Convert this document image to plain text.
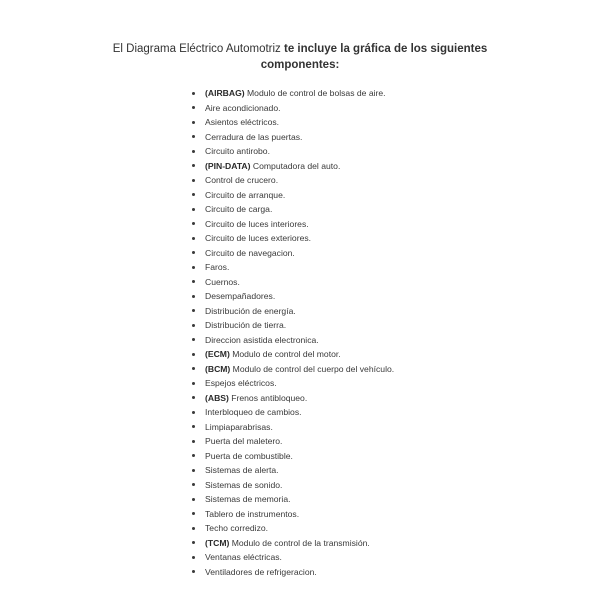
El Diagrama Eléctrico Automotriz te incluye la gráfica de los siguientes componentes:
(AIRBAG) Modulo de control de bolsas de aire.
Aire acondicionado.
Asientos eléctricos.
Cerradura de las puertas.
Circuito antirobo.
(PIN-DATA) Computadora del auto.
Control de crucero.
Circuito de arranque.
Circuito de carga.
Circuito de luces interiores.
Circuito de luces exteriores.
Circuito de navegacion.
Faros.
Cuernos.
Desempañadores.
Distribución de energía.
Distribución de tierra.
Direccion asistida electronica.
(ECM) Modulo de control del motor.
(BCM) Modulo de control del cuerpo del vehículo.
Espejos eléctricos.
(ABS) Frenos antibloqueo.
Interbloqueo de cambios.
Limpiaparabrisas.
Puerta del maletero.
Puerta de combustible.
Sistemas de alerta.
Sistemas de sonido.
Sistemas de memoria.
Tablero de instrumentos.
Techo corredizo.
(TCM) Modulo de control de la transmisión.
Ventanas eléctricas.
Ventiladores de refrigeracion.
